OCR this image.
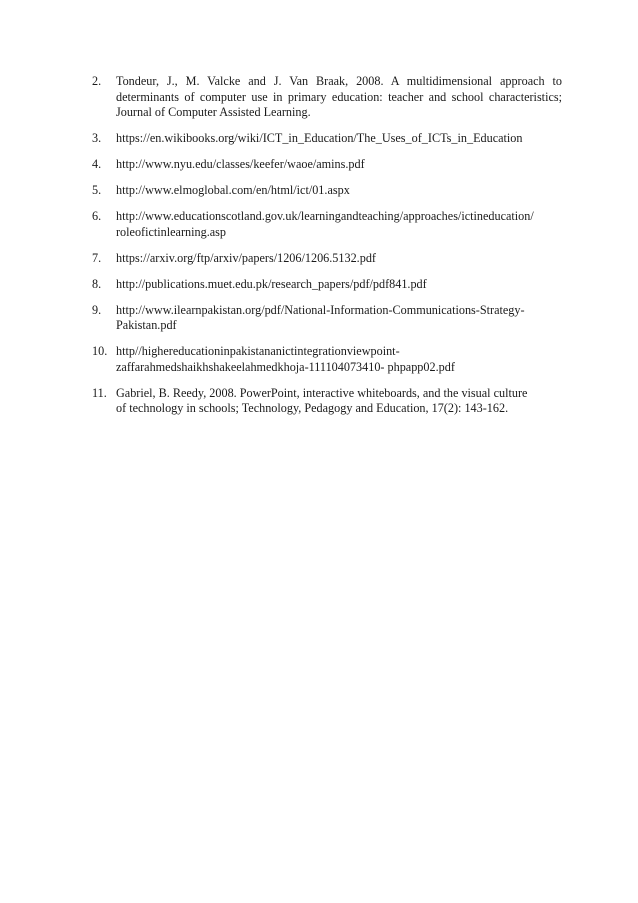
2.	Tondeur, J., M. Valcke and J. Van Braak, 2008. A multidimensional approach to determinants of computer use in primary education: teacher and school characteristics; Journal of Computer Assisted Learning.
3.	https://en.wikibooks.org/wiki/ICT_in_Education/The_Uses_of_ICTs_in_Education
4.	http://www.nyu.edu/classes/keefer/waoe/amins.pdf
5.	http://www.elmoglobal.com/en/html/ict/01.aspx
6.	http://www.educationscotland.gov.uk/learningandteaching/approaches/ictineducation/
roleofictinlearning.asp
7.	https://arxiv.org/ftp/arxiv/papers/1206/1206.5132.pdf
8.	http://publications.muet.edu.pk/research_papers/pdf/pdf841.pdf
9.	http://www.ilearnpakistan.org/pdf/National-Information-Communications-Strategy-
Pakistan.pdf
10. http//highereducationinpakistananictintegrationviewpoint-
zaffarahmedshaikhshakeelahmedkhoja-111104073410- phpapp02.pdf
11. Gabriel, B. Reedy, 2008. PowerPoint, interactive whiteboards, and the visual culture
of technology in schools; Technology, Pedagogy and Education, 17(2): 143-162.
